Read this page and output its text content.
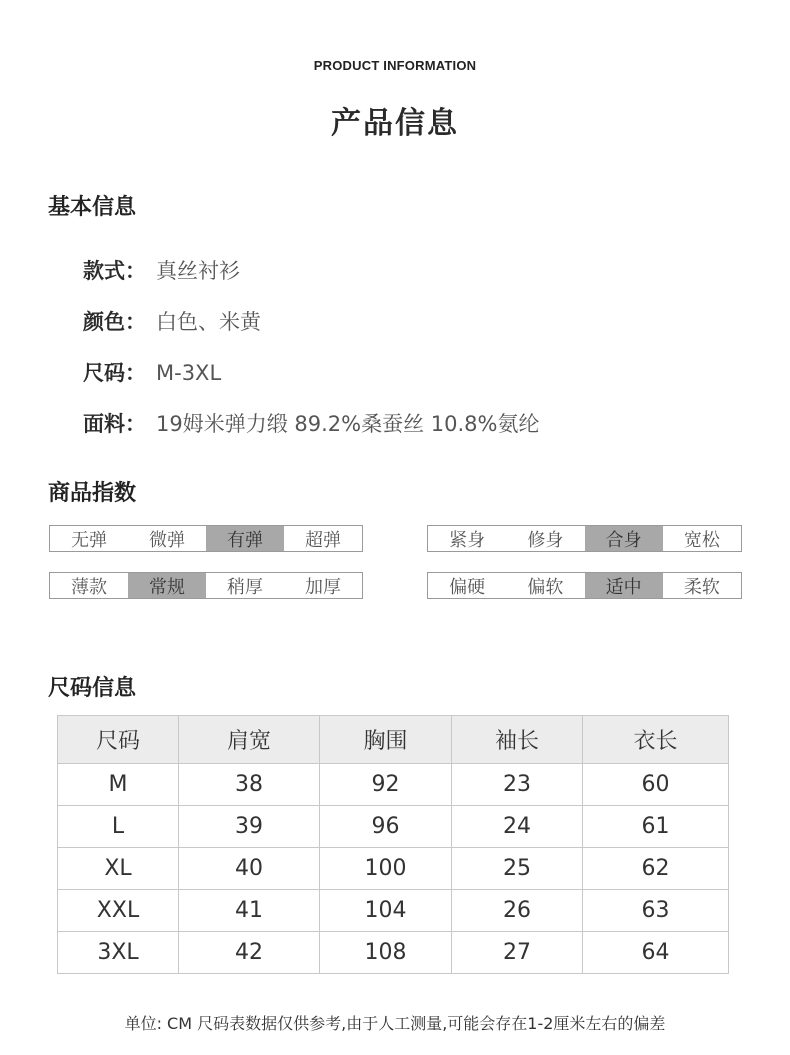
PRODUCT INFORMATION
产品信息
基本信息
款式： 真丝衬衫
颜色： 白色、米黄
尺码： M-3XL
面料： 19姆米弹力缎 89.2%桑蚕丝 10.8%氨纶
商品指数
无弹	微弹	有弹	超弹	紧身	修身	合身	宽松
薄款	常规	稍厚	加厚	偏硬	偏软	适中	柔软
尺码信息
尺码	肩宽	胸围	袖长	衣长
M	38	92	23	60
L	39	96	24	61
XL	40	100	25	62
XXL	41	104	26	63
3XL	42	108	27	64
单位: CM 尺码表数据仅供参考,由于人工测量,可能会存在1-2厘米左右的偏差
